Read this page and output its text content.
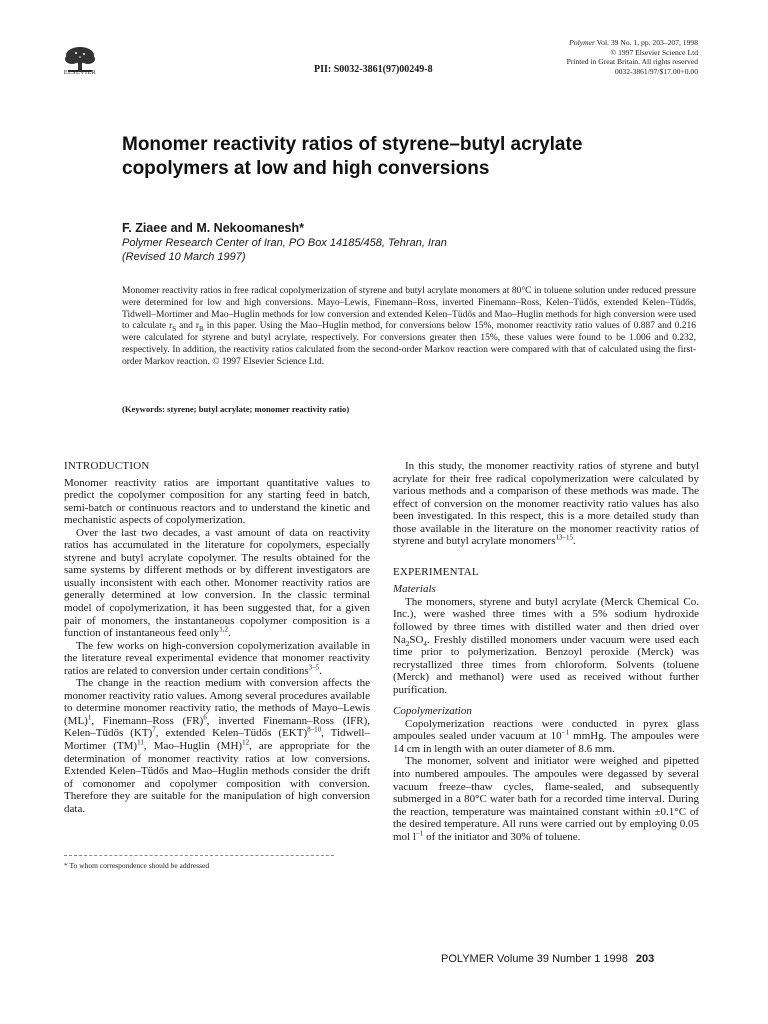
ELSEVIER	PII: S0032-3861(97)00249-8
Polymer Vol. 39 No. 1, pp. 203–207, 1998
© 1997 Elsevier Science Ltd
Printed in Great Britain. All rights reserved
0032-3861/97/$17.00+0.00
Monomer reactivity ratios of styrene–butyl acrylate copolymers at low and high conversions
F. Ziaee and M. Nekoomanesh*
Polymer Research Center of Iran, PO Box 14185/458, Tehran, Iran
(Revised 10 March 1997)

Monomer reactivity ratios in free radical copolymerization of styrene and butyl acrylate monomers at 80°C in toluene solution under reduced pressure were determined for low and high conversions. Mayo–Lewis, Finemann–Ross, inverted Finemann–Ross, Kelen–Tüdős, extended Kelen–Tüdős, Tidwell–Mortimer and Mao–Huglin methods for low conversion and extended Kelen–Tüdős and Mao–Huglin methods for high conversion were used to calculate $r_S$ and $r_B$ in this paper. Using the Mao–Huglin method, for conversions below 15%, monomer reactivity ratio values of 0.887 and 0.216 were calculated for styrene and butyl acrylate, respectively. For conversions greater then 15%, these values were found to be 1.006 and 0.232, respectively. In addition, the reactivity ratios calculated from the second-order Markov reaction were compared with that of calculated using the first-order Markov reaction. © 1997 Elsevier Science Ltd.

(Keywords: styrene; butyl acrylate; monomer reactivity ratio)
INTRODUCTION

Monomer reactivity ratios are important quantitative values to predict the copolymer composition for any starting feed in batch, semi-batch or continuous reactors and to understand the kinetic and mechanistic aspects of copolymerization.

Over the last two decades, a vast amount of data on reactivity ratios has accumulated in the literature for copolymers, especially styrene and butyl acrylate copolymer. The results obtained for the same systems by different methods or by different investigators are usually inconsistent with each other. Monomer reactivity ratios are generally determined at low conversion. In the classic terminal model of copolymerization, it has been suggested that, for a given pair of monomers, the instantaneous copolymer composition is a function of instantaneous feed only$^{1,2}$.

The few works on high-conversion copolymerization available in the literature reveal experimental evidence that monomer reactivity ratios are related to conversion under certain conditions$^{3-5}$.

The change in the reaction medium with conversion affects the monomer reactivity ratio values. Among several procedures available to determine monomer reactivity ratio, the methods of Mayo–Lewis (ML)$^1$, Finemann–Ross (FR)$^6$, inverted Finemann–Ross (IFR), Kelen–Tüdős (KT)$^7$, extended Kelen–Tüdős (EKT)$^{8-10}$, Tidwell–Mortimer (TM)$^{11}$, Mao–Huglin (MH)$^{12}$, are appropriate for the determination of monomer reactivity ratios at low conversions. Extended Kelen–Tüdős and Mao–Huglin methods consider the drift of comonomer and copolymer composition with conversion. Therefore they are suitable for the manipulation of high conversion data.

* To whom correspondence should be addressed

In this study, the monomer reactivity ratios of styrene and butyl acrylate for their free radical copolymerization were calculated by various methods and a comparison of these methods was made. The effect of conversion on the monomer reactivity ratio values has also been investigated. In this respect, this is a more detailed study than those available in the literature on the monomer reactivity ratios of styrene and butyl acrylate monomers$^{13-15}$.

EXPERIMENTAL
Materials

The monomers, styrene and butyl acrylate (Merck Chemical Co. Inc.), were washed three times with a 5% sodium hydroxide followed by three times with distilled water and then dried over $Na_2SO_4$. Freshly distilled monomers under vacuum were used each time prior to polymerization. Benzoyl peroxide (Merck) was recrystallized three times from chloroform. Solvents (toluene (Merck) and methanol) were used as received without further purification.

Copolymerization

Copolymerization reactions were conducted in pyrex glass ampoules sealed under vacuum at $10^{-1}$ mmHg. The ampoules were 14 cm in length with an outer diameter of 8.6 mm.

The monomer, solvent and initiator were weighed and pipetted into numbered ampoules. The ampoules were degassed by several vacuum freeze–thaw cycles, flame-sealed, and subsequently submerged in a 80°C water bath for a recorded time interval. During the reaction, temperature was maintained constant within ±0.1°C of the desired temperature. All runs were carried out by employing 0.05 mol $l^{-1}$ of the initiator and 30% of toluene.

POLYMER Volume 39 Number 1 1998 203
